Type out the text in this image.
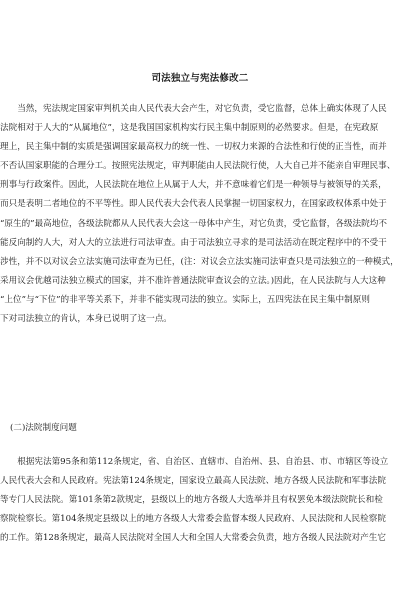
司法独立与宪法修改二
　　当然，宪法规定国家审判机关由人民代表大会产生，对它负责，受它监督，总体上确实体现了人民
法院相对于人大的“从属地位”，这是我国国家机构实行民主集中制原则的必然要求。但是，在宪政原
理上，民主集中制的实质是强调国家最高权力的统一性、一切权力来源的合法性和行使的正当性，而并
不否认国家职能的合理分工。按照宪法规定，审判职能由人民法院行使，人大自己并不能亲自审理民事、
刑事与行政案件。因此，人民法院在地位上从属于人大，并不意味着它们是一种领导与被领导的关系，
而只是表明二者地位的不平等性。即人民代表大会代表人民掌握一切国家权力，在国家政权体系中处于
“原生的”最高地位，各级法院都从人民代表大会这一母体中产生，对它负责，受它监督，各级法院均不
能反向制约人大，对人大的立法进行司法审查。由于司法独立寻求的是司法活动在既定程序中的不受干
涉性，并不以对议会立法实施司法审查为已任，(注：对议会立法实施司法审查只是司法独立的一种模式，
采用议会优越司法独立模式的国家，并不准许普通法院审查议会的立法。)因此，在人民法院与人大这种
“上位”与“下位”的非平等关系下，并非不能实现司法的独立。实际上，五四宪法在民主集中制原则
下对司法独立的肯认，本身已说明了这一点。
(二)法院制度问题
　　根据宪法第95条和第112条规定，省、自治区、直辖市、自治州、县、自治县、市、市辖区等设立
人民代表大会和人民政府。宪法第124条规定，国家设立最高人民法院、地方各级人民法院和军事法院
等专门人民法院。第101条第2款规定，县级以上的地方各级人大选举并且有权罢免本级法院院长和检
察院检察长。第104条规定县级以上的地方各级人大常委会监督本级人民政府、人民法院和人民检察院
的工作。第128条规定，最高人民法院对全国人大和全国人大常委会负责，地方各级人民法院对产生它
